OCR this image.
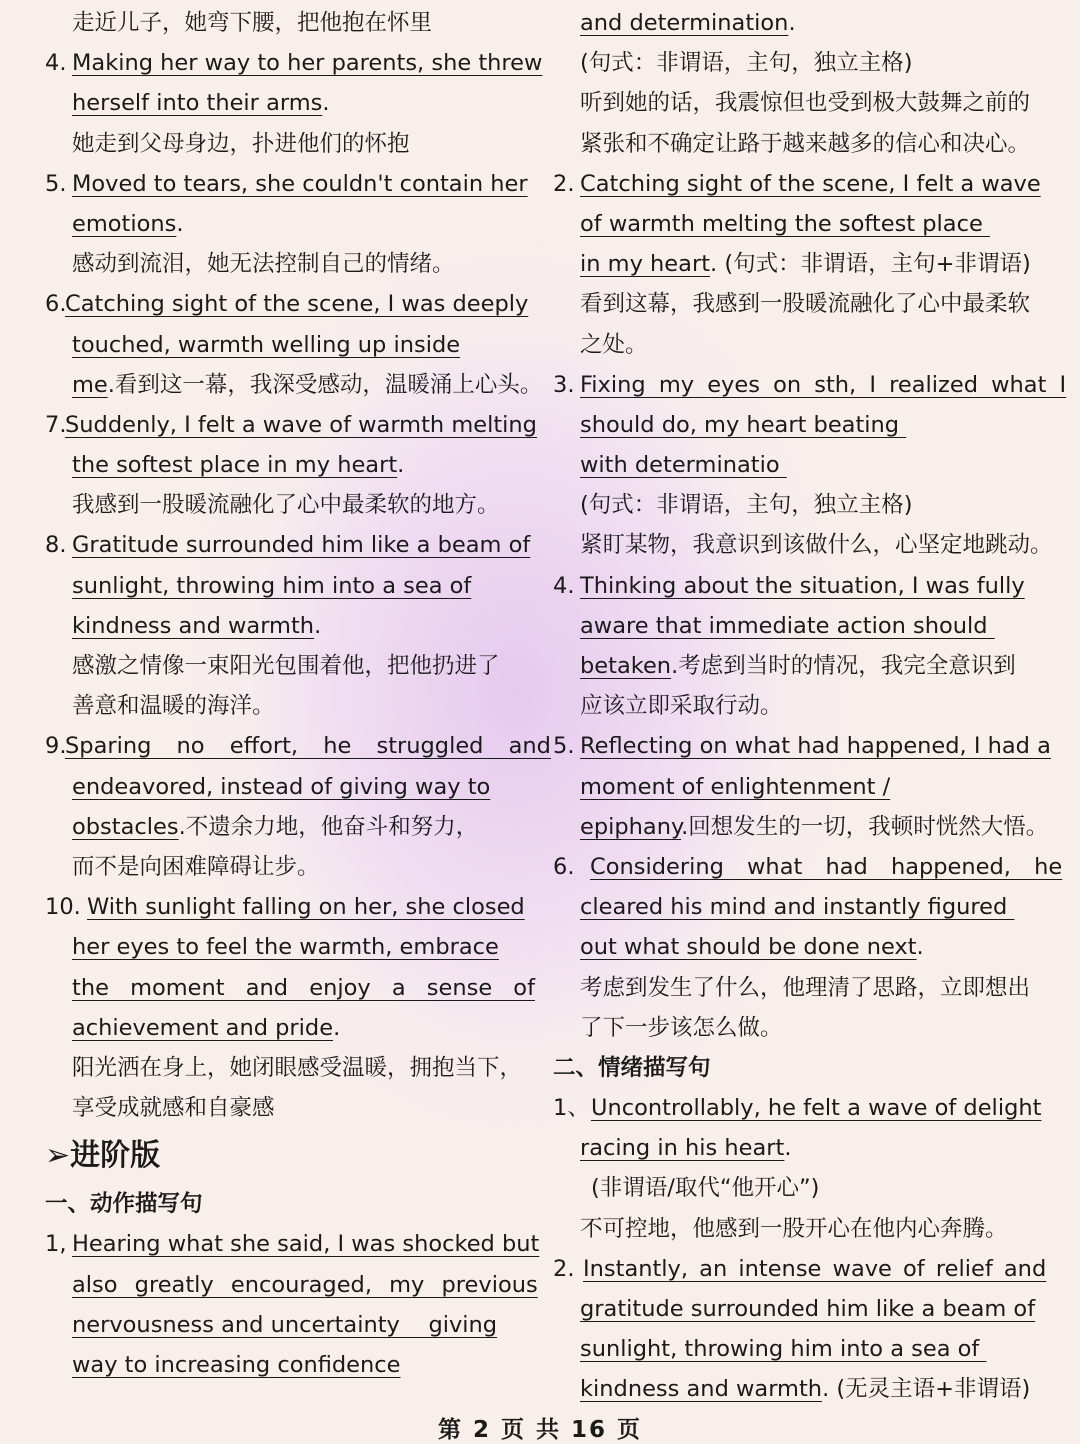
走近儿子，她弯下腰，把他抱在怀里
4. Making her way to her parents, she threw
herself into their arms.
她走到父母身边，扑进他们的怀抱
5. Moved to tears, she couldn't contain her
emotions.
感动到流泪，她无法控制自己的情绪。
6.
Catching sight of the scene, I was deeply
touched, warmth welling up inside
me.看到这一幕，我深受感动，温暖涌上心头。
7.
Suddenly, I felt a wave of warmth melting
the softest place in my heart.
我感到一股暖流融化了心中最柔软的地方。
8. Gratitude surrounded him like a beam of
sunlight, throwing him into a sea of
kindness and warmth.
感激之情像一束阳光包围着他，把他扔进了
善意和温暖的海洋。
9.
Sparing no effort, he struggled and
endeavored, instead of giving way to
obstacles.不遗余力地，他奋斗和努力，
而不是向困难障碍让步。
10. With sunlight falling on her, she closed
her eyes to feel the warmth, embrace
the moment and enjoy a sense of
achievement and pride.
阳光洒在身上，她闭眼感受温暖，拥抱当下，
享受成就感和自豪感
➢进阶版
一、动作描写句
1, Hearing what she said, I was shocked but
also greatly encouraged, my previous
nervousness and uncertainty    giving
way to increasing confidence
and determination.
(句式：非谓语，主句，独立主格)
听到她的话，我震惊但也受到极大鼓舞之前的
紧张和不确定让路于越来越多的信心和决心。
2. Catching sight of the scene, I felt a wave
of warmth melting the softest place
in my heart. (句式：非谓语，主句+非谓语)
看到这幕，我感到一股暖流融化了心中最柔软
之处。
3. Fixing my eyes on sth, I realized what I
should do, my heart beating
with determinatio
(句式：非谓语，主句，独立主格)
紧盯某物，我意识到该做什么，心坚定地跳动。
4. Thinking about the situation, I was fully
aware that immediate action should
betaken.考虑到当时的情况，我完全意识到
应该立即采取行动。
5. Reflecting on what had happened, I had a
moment of enlightenment /
epiphany.回想发生的一切，我顿时恍然大悟。
6. Considering what had happened, he
cleared his mind and instantly figured
out what should be done next.
考虑到发生了什么，他理清了思路，立即想出
了下一步该怎么做。
二、情绪描写句
1、 Uncontrollably, he felt a wave of delight
racing in his heart.
(非谓语/取代“他开心”)
不可控地，他感到一股开心在他内心奔腾。
2. Instantly, an intense wave of relief and
gratitude surrounded him like a beam of
sunlight, throwing him into a sea of
kindness and warmth. (无灵主语+非谓语)
第 2 页 共 16 页
